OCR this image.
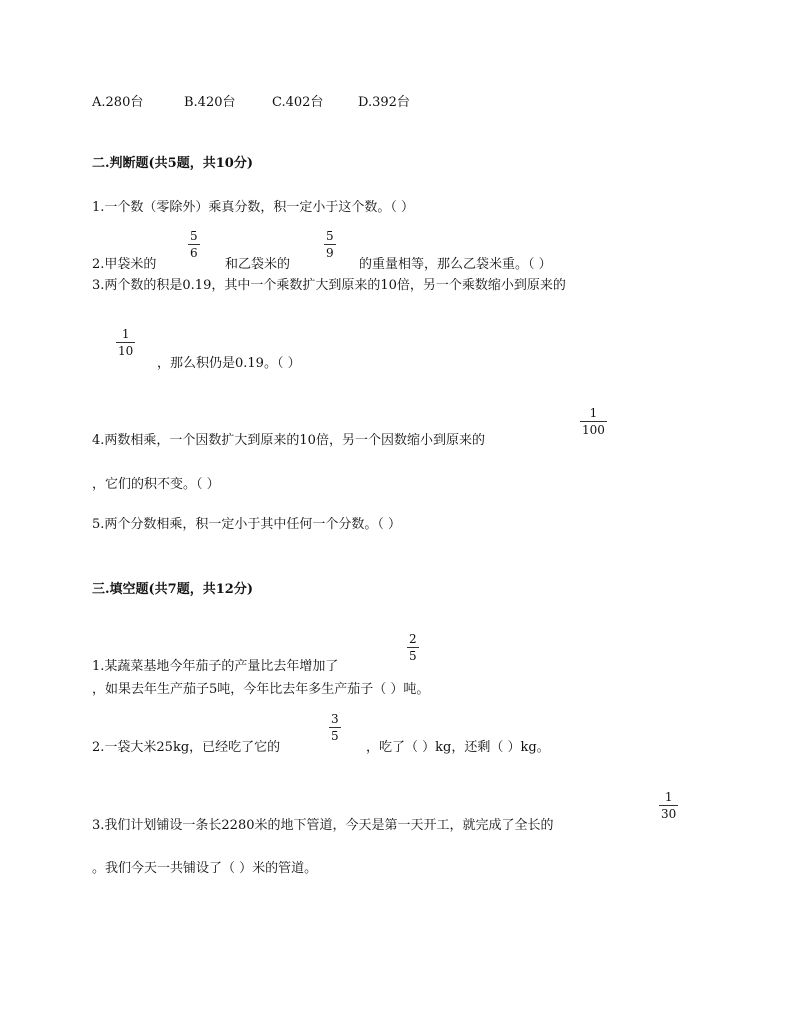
A.280台	B.420台	C.402台	D.392台
二.判断题(共5题，共10分)
1.一个数（零除外）乘真分数，积一定小于这个数。（ ）
2.甲袋米的
5
6
和乙袋米的
5
9
的重量相等，那么乙袋米重。（ ）
3.两个数的积是0.19，其中一个乘数扩大到原来的10倍，另一个乘数缩小到原来的
1
10
，那么积仍是0.19。（ ）
4.两数相乘，一个因数扩大到原来的10倍，另一个因数缩小到原来的
1
100
，它们的积不变。（ ）
5.两个分数相乘，积一定小于其中任何一个分数。（ ）
三.填空题(共7题，共12分)
2
5
1.某蔬菜基地今年茄子的产量比去年增加了
，如果去年生产茄子5吨，今年比去年多生产茄子（ ）吨。
2.一袋大米25kg，已经吃了它的
3
5
，吃了（ ）kg，还剩（ ）kg。
1
30
3.我们计划铺设一条长2280米的地下管道，今天是第一天开工，就完成了全长的
。我们今天一共铺设了（ ）米的管道。
